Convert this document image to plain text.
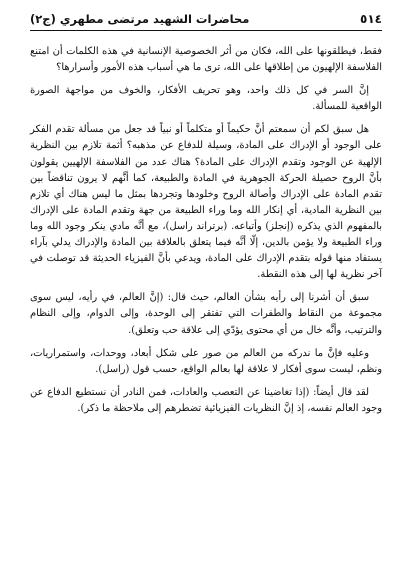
٥١٤
محاضرات الشهيد مرتضى مطهري (ج٢)

فقط، فيطلقونها على الله، فكان من أثر الخصوصية الإنسانية في هذه الكلمات أن امتنع الفلاسفة الإلهيون من إطلاقها على الله، ترى ما هي أسباب هذه الأمور وأسرارها؟

إنَّ السر في كل ذلك واحد، وهو تحريف الأفكار، والخوف من مواجهة الصورة الواقعية للمسألة.

هل سبق لكم أن سمعتم أنَّ حكيماً أو متكلماً أو نبياً قد جعل من مسألة تقدم الفكر على الوجود أو الإدراك على المادة، وسيلة للدفاع عن مذهبه؟ أثمة تلازم بين النظرية الإلهية عن الوجود وتقدم الإدراك على المادة؟ هناك عدد من الفلاسفة الإلهيين يقولون بأنَّ الروح حصيلة الحركة الجوهرية في المادة والطبيعة، كما أنَّهم لا يرون تناقضاً بين تقدم المادة على الإدراك وأصالة الروح وخلودها وتجردها بمثل ما ليس هناك أي تلازم بين النظرية المادية، أي إنكار الله وما وراء الطبيعة من جهة وتقدم المادة على الإدراك بالمفهوم الذي يذكره (إنجلز) وأتباعه. (برتراند راسل)، مع أنَّه مادي ينكر وجود الله وما وراء الطبيعة ولا يؤمن بالدين، إلّا أنَّه فيما يتعلق بالعلاقة بين المادة والإدراك يدلي بآراء يستفاد منها قوله بتقدم الإدراك على المادة، ويدعي بأنَّ الفيزياء الحديثة قد توصلت في آخر نظرية لها إلى هذه النقطة.

سبق أن أشرنا إلى رأيه بشأن العالم، حيث قال: (إنَّ العالم، في رأيه، ليس سوى مجموعة من النقاط والطفرات التي تفتقر إلى الوحدة، وإلى الدوام، وإلى النظام والترتيب، وأنَّه خال من أي محتوى يؤدّي إلى علاقة حب وتعلق).

وعليه فإنَّ ما ندركه من العالم من صور على شكل أبعاد، ووحدات، واستمراريات، ونظم، ليست سوى أفكار لا علاقة لها بعالم الواقع، حسب قول (راسل).

لقد قال أيضاً: (إذا تغاضينا عن التعصب والعادات، فمن النادر أن نستطيع الدفاع عن وجود العالم نفسه، إذ إنَّ النظريات الفيزيائية تضطرهم إلى ملاحظة ما ذكر).
